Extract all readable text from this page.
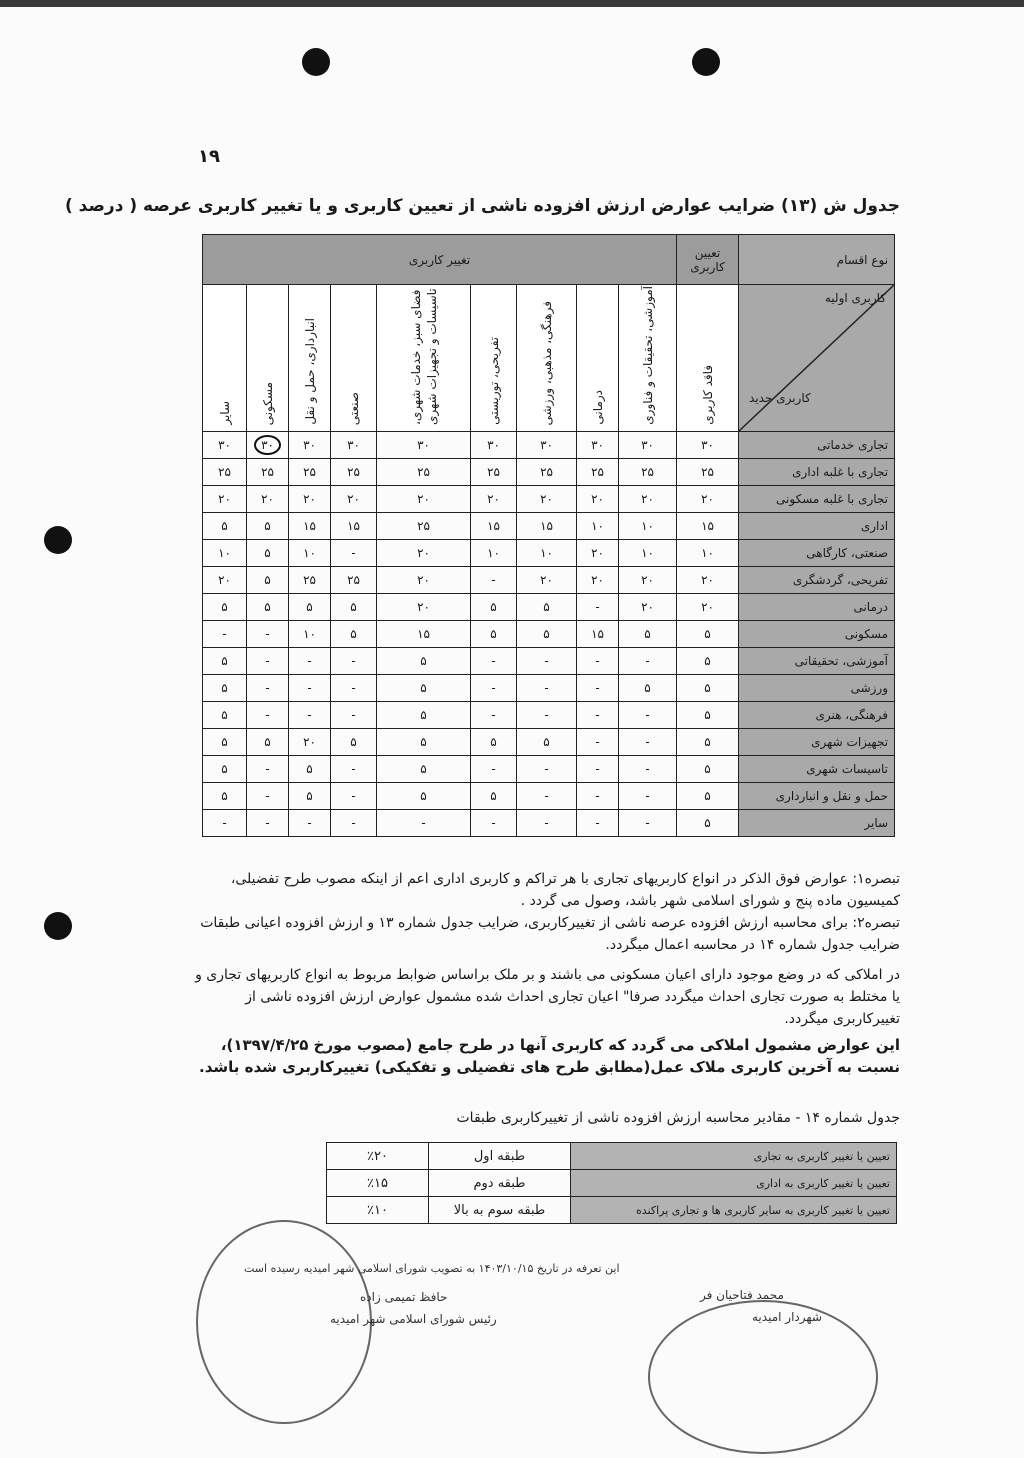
۱۹
جدول ش (۱۳) ضرایب عوارض ارزش افزوده ناشی از تعیین کاربری و یا تغییر کاربری عرصه ( درصد )
نوع اقسام	تعیین کاربری	تغییر کاربری								

کاربری اولیه
کاربری جدید	فاقد کاربری	آموزشی، تحقیقات و فناوری	درمانی	فرهنگی، مذهبی، ورزشی	تفریحی، توریستی	فضای سبز، خدمات شهری، تاسیسات و تجهیزات شهری	صنعتی	انبارداری، حمل و نقل	مسکونی	سایر

تجاری خدماتی	۳۰	۳۰	۳۰	۳۰	۳۰	۳۰	۳۰	۳۰	۳۰	۳۰
تجاری با غلبه اداری	۲۵	۲۵	۲۵	۲۵	۲۵	۲۵	۲۵	۲۵	۲۵	۲۵
تجاری با غلبه مسکونی	۲۰	۲۰	۲۰	۲۰	۲۰	۲۰	۲۰	۲۰	۲۰	۲۰
اداری	۱۵	۱۰	۱۰	۱۵	۱۵	۲۵	۱۵	۱۵	۵	۵
صنعتی، کارگاهی	۱۰	۱۰	۲۰	۱۰	۱۰	۲۰	-	۱۰	۵	۱۰
تفریحی، گردشگری	۲۰	۲۰	۲۰	۲۰	-	۲۰	۲۵	۲۵	۵	۲۰
درمانی	۲۰	۲۰	-	۵	۵	۲۰	۵	۵	۵	۵
مسکونی	۵	۵	۱۵	۵	۵	۱۵	۵	۱۰	-	-
آموزشی، تحقیقاتی	۵	-	-	-	-	۵	-	-	-	۵
ورزشی	۵	۵	-	-	-	۵	-	-	-	۵
فرهنگی، هنری	۵	-	-	-	-	۵	-	-	-	۵
تجهیزات شهری	۵	-	-	۵	۵	۵	۵	۲۰	۵	۵
تاسیسات شهری	۵	-	-	-	-	۵	-	۵	-	۵
حمل و نقل و انبارداری	۵	-	-	-	۵	۵	-	۵	-	۵
سایر	۵	-	-	-	-	-	-	-	-	-
تبصره۱: عوارض فوق الذکر در انواع کاربریهای تجاری با هر تراکم و کاربری اداری اعم از اینکه مصوب طرح تفضیلی، کمیسیون ماده پنج و شورای اسلامی شهر باشد، وصول می گردد .
تبصره۲: برای محاسبه ارزش افزوده عرصه ناشی از تغییرکاربری، ضرایب جدول شماره ۱۳ و ارزش افزوده اعیانی طبقات ضرایب جدول شماره ۱۴ در محاسبه اعمال میگردد.
در املاکی که در وضع موجود دارای اعیان مسکونی می باشند و بر ملک براساس ضوابط مربوط به انواع کاربریهای تجاری و یا مختلط به صورت تجاری احداث میگردد صرفا" اعیان تجاری احداث شده مشمول عوارض ارزش افزوده ناشی از تغییرکاربری میگردد.
این عوارض مشمول املاکی می گردد که کاربری آنها در طرح جامع (مصوب مورخ ۱۳۹۷/۴/۲۵)، نسبت به آخرین کاربری ملاک عمل(مطابق طرح های تفضیلی و تفکیکی) تغییرکاربری شده باشد.
جدول شماره ۱۴ - مقادیر محاسبه ارزش افزوده ناشی از تغییرکاربری طبقات
تعیین یا تغییر کاربری به تجاری	طبقه اول	٪۲۰
تعیین یا تغییر کاربری به اداری	طبقه دوم	٪۱۵
تعیین یا تغییر کاربری به سایر کاربری ها و تجاری پراکنده	طبقه سوم به بالا	٪۱۰
این تعرفه در تاریخ ۱۴۰۳/۱۰/۱۵ به تصویب شورای اسلامی شهر امیدیه رسیده است
حافظ تمیمی زاده
رئیس شورای اسلامی شهر امیدیه
محمد فتاحیان فر
شهردار امیدیه
